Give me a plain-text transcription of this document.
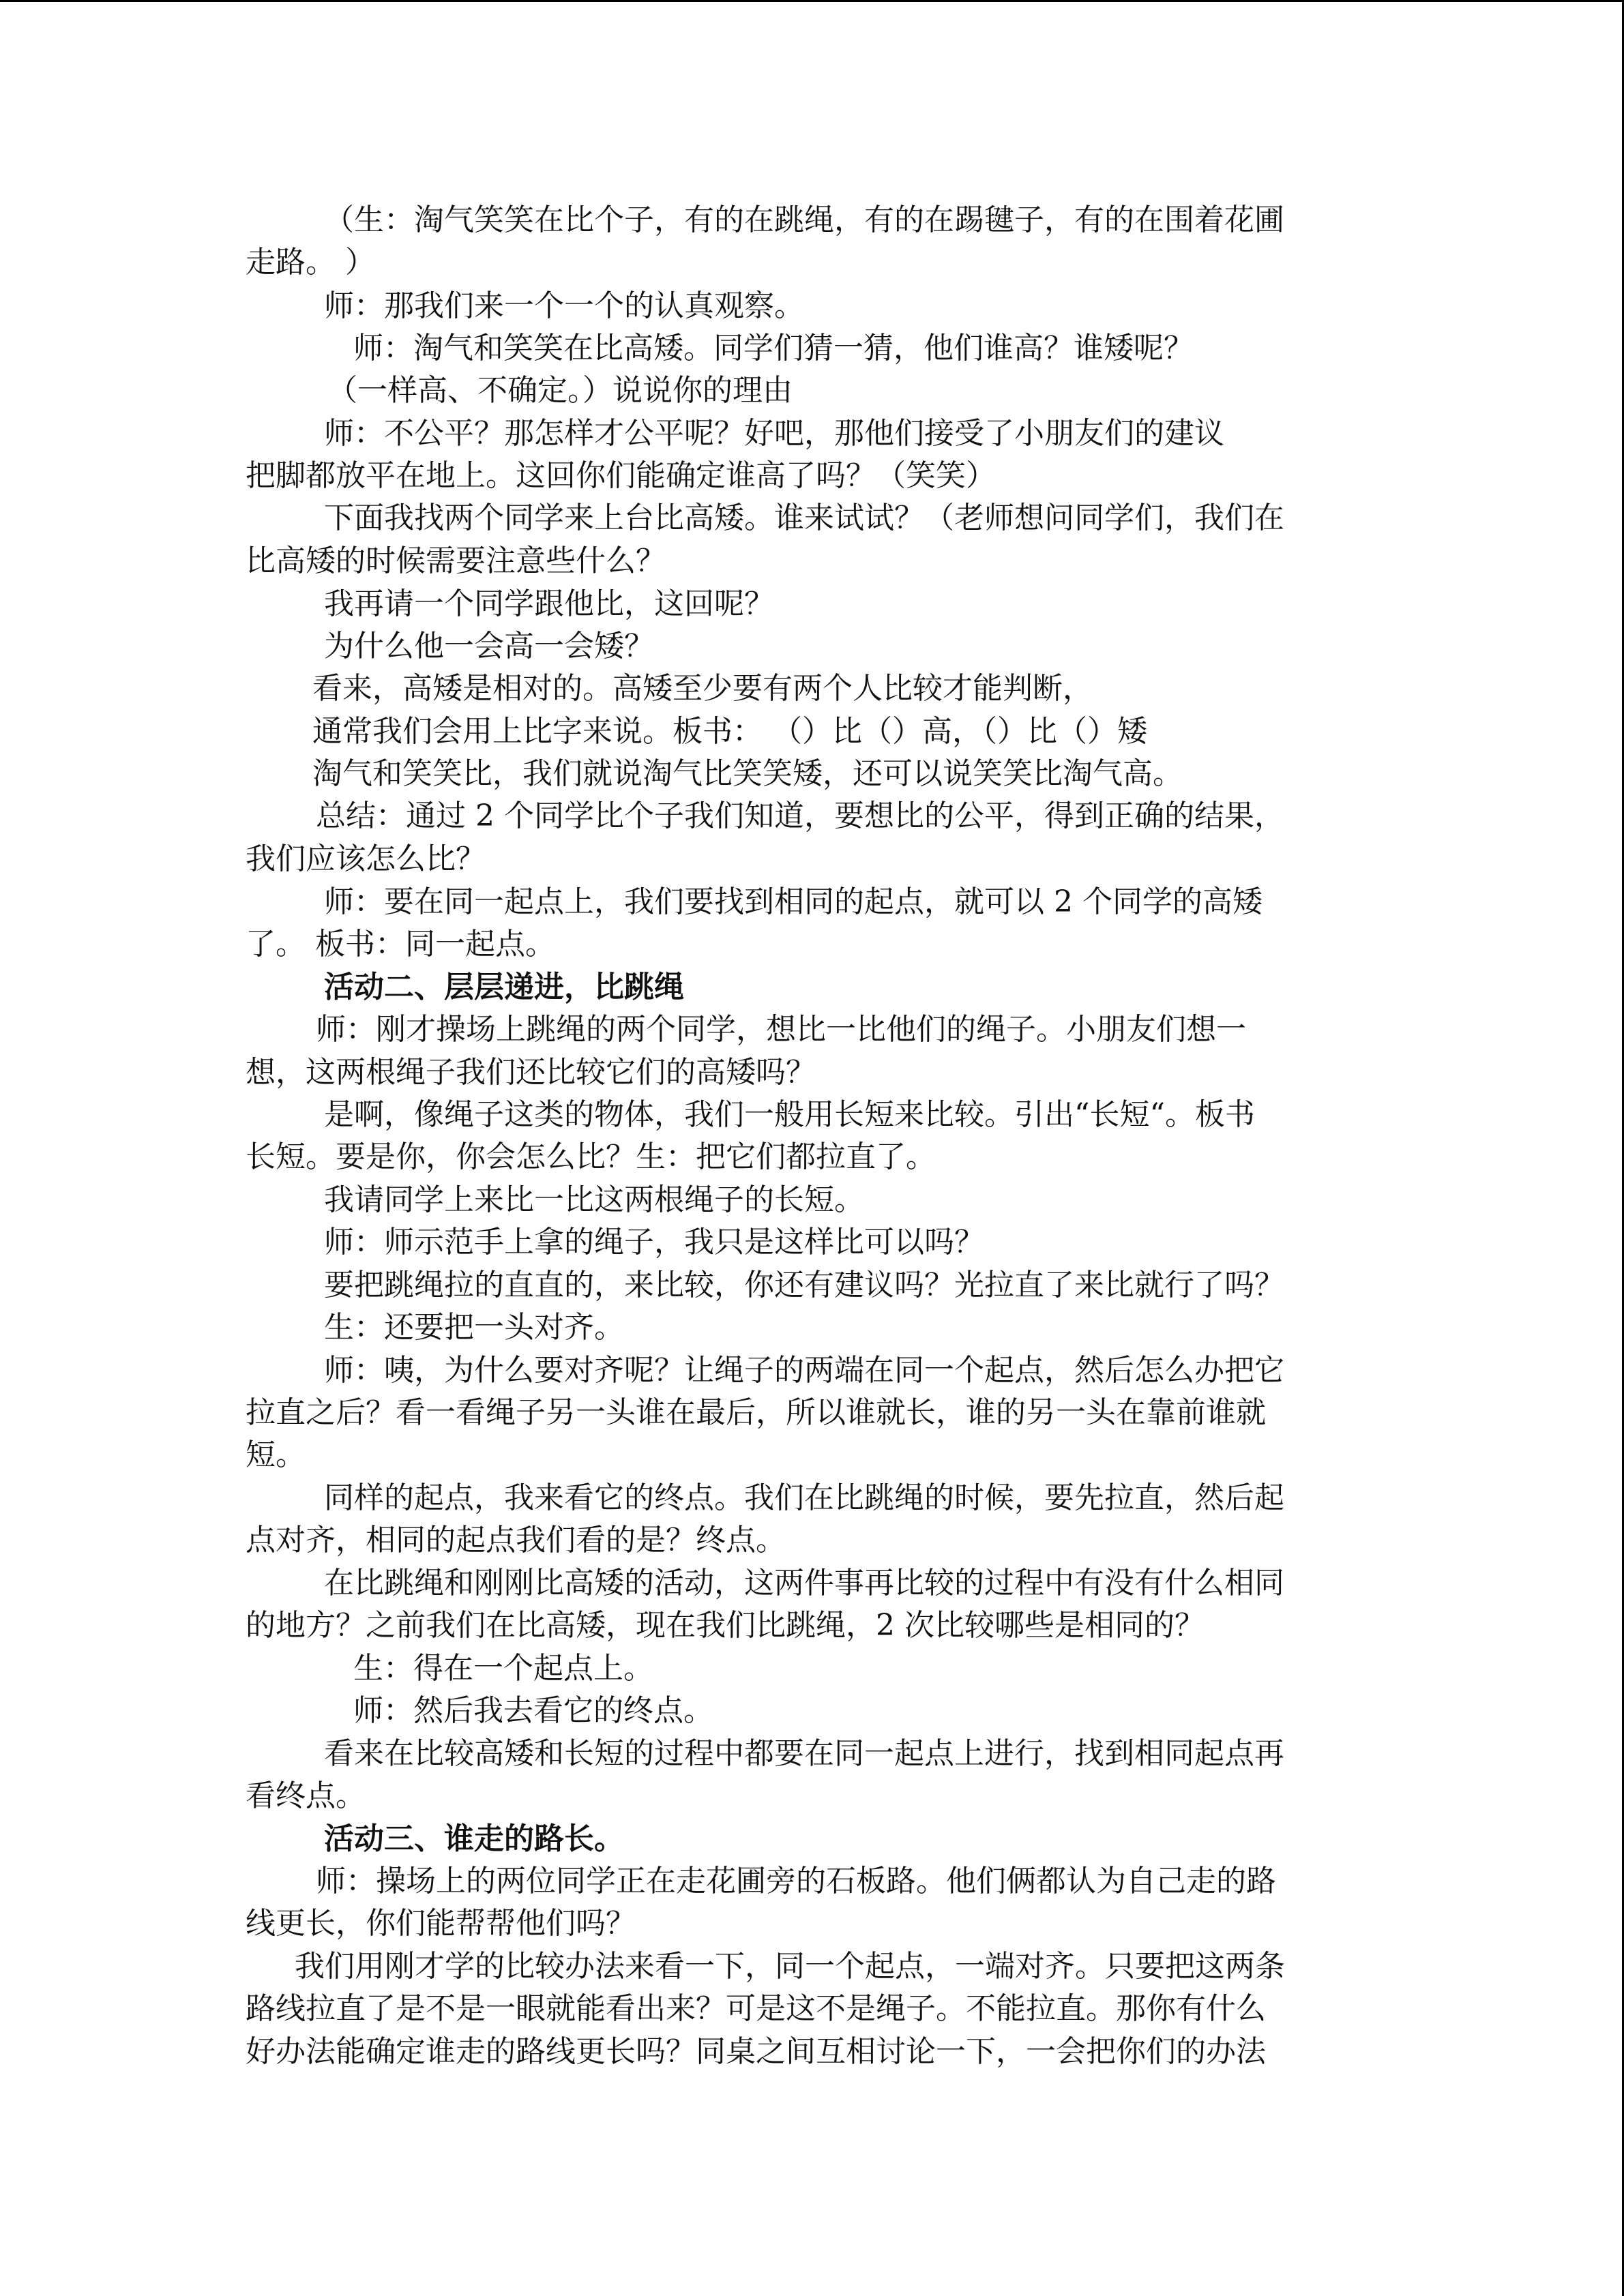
（生：淘气笑笑在比个子，有的在跳绳，有的在踢毽子，有的在围着花圃
走路。 ）
师：那我们来一个一个的认真观察。
师：淘气和笑笑在比高矮。同学们猜一猜，他们谁高？谁矮呢？
（一样高、不确定。）说说你的理由
师：不公平？那怎样才公平呢？好吧，那他们接受了小朋友们的建议
把脚都放平在地上。这回你们能确定谁高了吗？（笑笑）
下面我找两个同学来上台比高矮。谁来试试？（老师想问同学们，我们在
比高矮的时候需要注意些什么？
我再请一个同学跟他比，这回呢？
为什么他一会高一会矮？
看来，高矮是相对的。高矮至少要有两个人比较才能判断，
通常我们会用上比字来说。板书： （）比（）高，（）比（）矮
淘气和笑笑比，我们就说淘气比笑笑矮，还可以说笑笑比淘气高。
总结：通过 2 个同学比个子我们知道，要想比的公平，得到正确的结果，
我们应该怎么比？
师：要在同一起点上，我们要找到相同的起点，就可以 2 个同学的高矮
了。 板书：同一起点。
活动二、层层递进，比跳绳
师：刚才操场上跳绳的两个同学，想比一比他们的绳子。小朋友们想一
想，这两根绳子我们还比较它们的高矮吗？
是啊，像绳子这类的物体，我们一般用长短来比较。引出“长短“。板书
长短。要是你，你会怎么比？生：把它们都拉直了。
我请同学上来比一比这两根绳子的长短。
师：师示范手上拿的绳子，我只是这样比可以吗？
要把跳绳拉的直直的，来比较，你还有建议吗？光拉直了来比就行了吗？
生：还要把一头对齐。
师：咦，为什么要对齐呢？让绳子的两端在同一个起点，然后怎么办把它
拉直之后？看一看绳子另一头谁在最后，所以谁就长，谁的另一头在靠前谁就
短。
同样的起点，我来看它的终点。我们在比跳绳的时候，要先拉直，然后起
点对齐，相同的起点我们看的是？终点。
在比跳绳和刚刚比高矮的活动，这两件事再比较的过程中有没有什么相同
的地方？之前我们在比高矮，现在我们比跳绳，2 次比较哪些是相同的？
生：得在一个起点上。
师：然后我去看它的终点。
看来在比较高矮和长短的过程中都要在同一起点上进行，找到相同起点再
看终点。
活动三、谁走的路长。
师：操场上的两位同学正在走花圃旁的石板路。他们俩都认为自己走的路
线更长，你们能帮帮他们吗？
我们用刚才学的比较办法来看一下，同一个起点，一端对齐。只要把这两条
路线拉直了是不是一眼就能看出来？可是这不是绳子。不能拉直。那你有什么
好办法能确定谁走的路线更长吗？同桌之间互相讨论一下，一会把你们的办法
